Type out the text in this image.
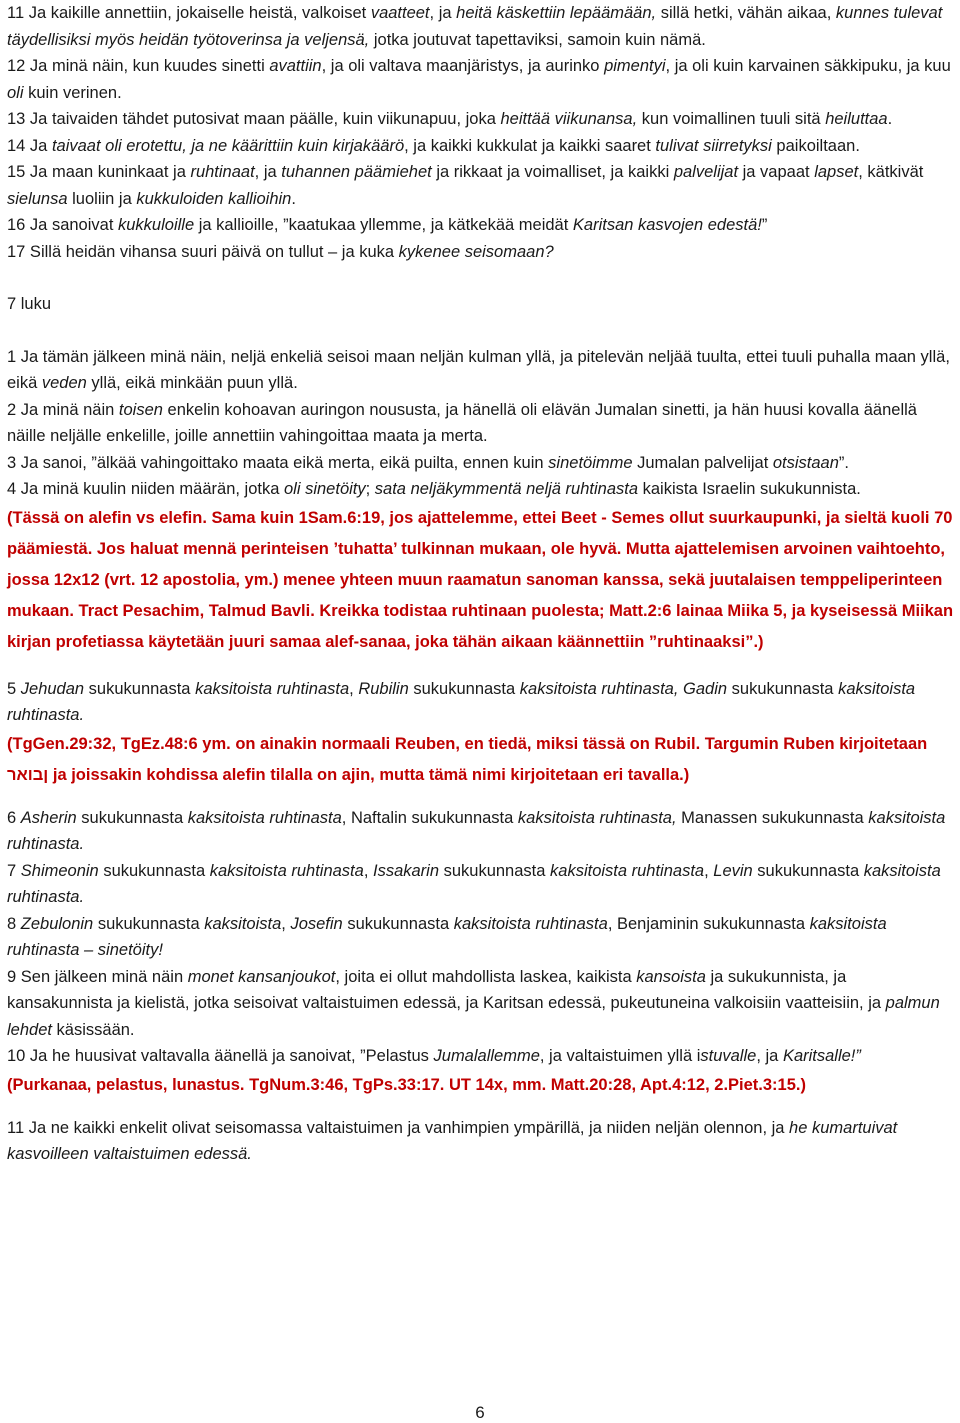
11 Ja kaikille annettiin, jokaiselle heistä, valkoiset vaatteet, ja heitä käskettiin lepäämään, sillä hetki, vähän aikaa, kunnes tulevat täydellisiksi myös heidän työtoverinsa ja veljensä, jotka joutuvat tapettaviksi, samoin kuin nämä.

12 Ja minä näin, kun kuudes sinetti avattiin, ja oli valtava maanjäristys, ja aurinko pimentyi, ja oli kuin karvainen säkkipuku, ja kuu oli kuin verinen.

13 Ja taivaiden tähdet putosivat maan päälle, kuin viikunapuu, joka heittää viikunansa, kun voimallinen tuuli sitä heiluttaa.

14 Ja taivaat oli erotettu, ja ne käärittiin kuin kirjakäärö, ja kaikki kukkulat ja kaikki saaret tulivat siirretyksi paikoiltaan.

15 Ja maan kuninkaat ja ruhtinaat, ja tuhannen päämiehet ja rikkaat ja voimalliset, ja kaikki palvelijat ja vapaat lapset, kätkivät sielunsa luoliin ja kukkuloiden kallioihin.

16 Ja sanoivat kukkuloille ja kallioille, ”kaatukaa yllemme, ja kätkekää meidät Karitsan kasvojen edestä!”

17 Sillä heidän vihansa suuri päivä on tullut – ja kuka kykenee seisomaan?

7 luku

1 Ja tämän jälkeen minä näin, neljä enkeliä seisoi maan neljän kulman yllä, ja pitelevän neljää tuulta, ettei tuuli puhalla maan yllä, eikä veden yllä, eikä minkään puun yllä.

2 Ja minä näin toisen enkelin kohoavan auringon noususta, ja hänellä oli elävän Jumalan sinetti, ja hän huusi kovalla äänellä näille neljälle enkelille, joille annettiin vahingoittaa maata ja merta.

3 Ja sanoi, ”älkää vahingoittako maata eikä merta, eikä puilta, ennen kuin sinetöimme Jumalan palvelijat otsistaan”.

4 Ja minä kuulin niiden määrän, jotka oli sinetöity; sata neljäkymmentä neljä ruhtinasta kaikista Israelin sukukunnista.

(Tässä on alefin vs elefin. Sama kuin 1Sam.6:19, jos ajattelemme, ettei Beet - Semes ollut suurkaupunki, ja sieltä kuoli 70 päämiestä. Jos haluat mennä perinteisen ’tuhatta’ tulkinnan mukaan, ole hyvä. Mutta ajattelemisen arvoinen vaihtoehto, jossa 12x12 (vrt. 12 apostolia, ym.) menee yhteen muun raamatun sanoman kanssa, sekä juutalaisen temppeliperinteen mukaan. Tract Pesachim, Talmud Bavli. Kreikka todistaa ruhtinaan puolesta; Matt.2:6 lainaa Miika 5, ja kyseisessä Miikan kirjan profetiassa käytetään juuri samaa alef-sanaa, joka tähän aikaan käännettiin ”ruhtinaaksi”.)

5 Jehudan sukukunnasta kaksitoista ruhtinasta, Rubilin sukukunnasta kaksitoista ruhtinasta, Gadin sukukunnasta kaksitoista ruhtinasta.

(TgGen.29:32, TgEz.48:6 ym. on ainakin normaali Reuben, en tiedä, miksi tässä on Rubil. Targumin Ruben kirjoitetaan ןבואר ja joissakin kohdissa alefin tilalla on ajin, mutta tämä nimi kirjoitetaan eri tavalla.)

6 Asherin sukukunnasta kaksitoista ruhtinasta, Naftalin sukukunnasta kaksitoista ruhtinasta, Manassen sukukunnasta kaksitoista ruhtinasta.

7 Shimeonin sukukunnasta kaksitoista ruhtinasta, Issakarin sukukunnasta kaksitoista ruhtinasta, Levin sukukunnasta kaksitoista ruhtinasta.

8 Zebulonin sukukunnasta kaksitoista, Josefin sukukunnasta kaksitoista ruhtinasta, Benjaminin sukukunnasta kaksitoista ruhtinasta – sinetöity!

9 Sen jälkeen minä näin monet kansanjoukot, joita ei ollut mahdollista laskea, kaikista kansoista ja sukukunnista, ja kansakunnista ja kielistä, jotka seisoivat valtaistuimen edessä, ja Karitsan edessä, pukeutuneina valkoisiin vaatteisiin, ja palmun lehdet käsissään.

10 Ja he huusivat valtavalla äänellä ja sanoivat, ”Pelastus Jumalallemme, ja valtaistuimen yllä istuvalle, ja Karitsalle!”

(Purkanaa, pelastus, lunastus. TgNum.3:46, TgPs.33:17. UT 14x, mm. Matt.20:28, Apt.4:12, 2.Piet.3:15.)

11 Ja ne kaikki enkelit olivat seisomassa valtaistuimen ja vanhimpien ympärillä, ja niiden neljän olennon, ja he kumartuivat kasvoilleen valtaistuimen edessä.

6
